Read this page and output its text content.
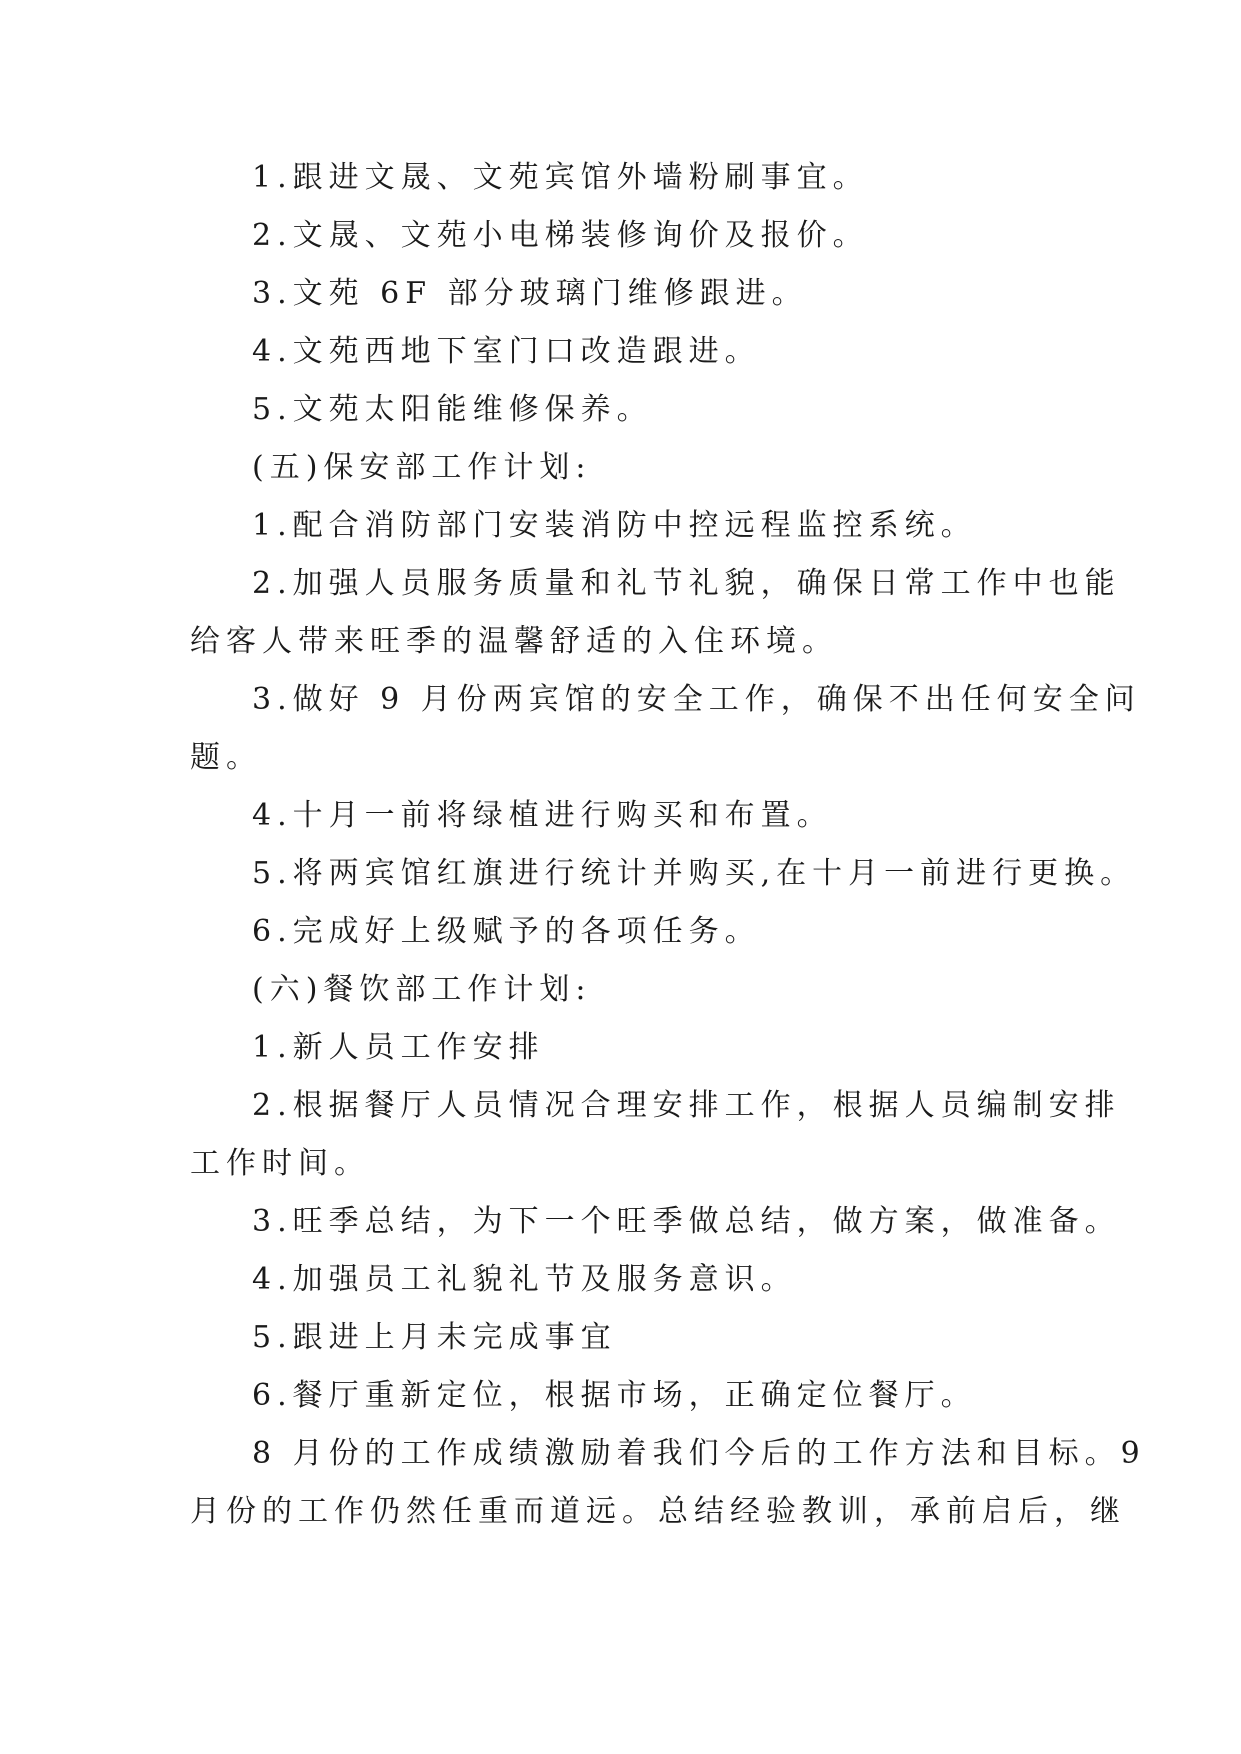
1.跟进文晟、文苑宾馆外墙粉刷事宜。
2.文晟、文苑小电梯装修询价及报价。
3.文苑 6F 部分玻璃门维修跟进。
4.文苑西地下室门口改造跟进。
5.文苑太阳能维修保养。
(五)保安部工作计划:
1.配合消防部门安装消防中控远程监控系统。
2.加强人员服务质量和礼节礼貌，确保日常工作中也能
给客人带来旺季的温馨舒适的入住环境。
3.做好 9 月份两宾馆的安全工作，确保不出任何安全问
题。
4.十月一前将绿植进行购买和布置。
5.将两宾馆红旗进行统计并购买,在十月一前进行更换。
6.完成好上级赋予的各项任务。
(六)餐饮部工作计划:
1.新人员工作安排
2.根据餐厅人员情况合理安排工作，根据人员编制安排
工作时间。
3.旺季总结，为下一个旺季做总结，做方案，做准备。
4.加强员工礼貌礼节及服务意识。
5.跟进上月未完成事宜
6.餐厅重新定位，根据市场，正确定位餐厅。
8 月份的工作成绩激励着我们今后的工作方法和目标。9
月份的工作仍然任重而道远。总结经验教训，承前启后，继
